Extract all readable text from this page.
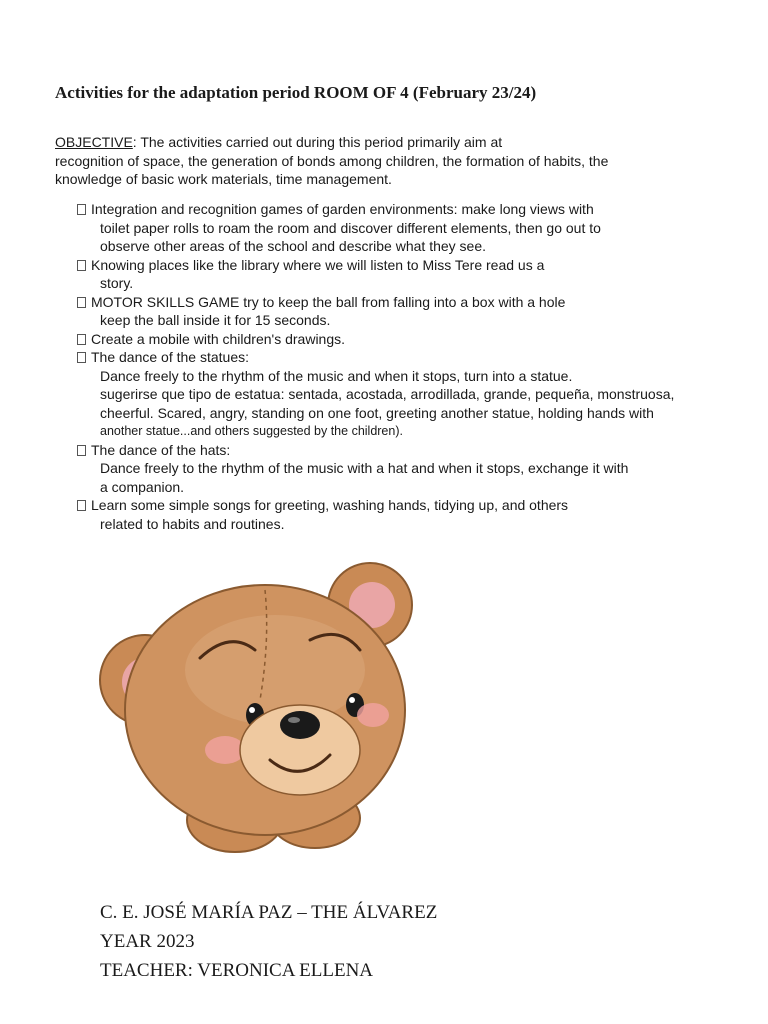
Activities for the adaptation period ROOM OF 4 (February 23/24)
OBJECTIVE: The activities carried out during this period primarily aim at
recognition of space, the generation of bonds among children, the formation of habits, the
knowledge of basic work materials, time management.
Integration and recognition games of garden environments: make long views with
toilet paper rolls to roam the room and discover different elements, then go out to
observe other areas of the school and describe what they see.
Knowing places like the library where we will listen to Miss Tere read us a
story.
MOTOR SKILLS GAME try to keep the ball from falling into a box with a hole
keep the ball inside it for 15 seconds.
Create a mobile with children's drawings.
The dance of the statues:
Dance freely to the rhythm of the music and when it stops, turn into a statue.
sugerirse que tipo de estatua: sentada, acostada, arrodillada, grande, pequeña, monstruosa,
cheerful. Scared, angry, standing on one foot, greeting another statue, holding hands with
another statue...and others suggested by the children).
The dance of the hats:
Dance freely to the rhythm of the music with a hat and when it stops, exchange it with
a companion.
Learn some simple songs for greeting, washing hands, tidying up, and others
related to habits and routines.
C. E. JOSÉ MARÍA PAZ – THE ÁLVAREZ
YEAR 2023
TEACHER: VERONICA ELLENA
